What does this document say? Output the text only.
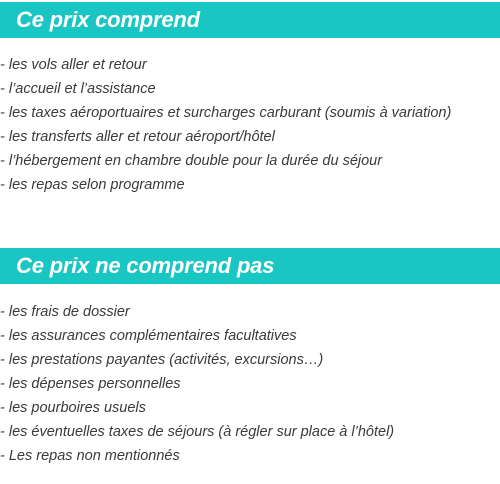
Ce prix comprend
- les vols aller et retour
- l’accueil et l’assistance
- les taxes aéroportuaires et surcharges carburant (soumis à variation)
- les transferts aller et retour aéroport/hôtel
- l’hébergement en chambre double pour la durée du séjour
- les repas selon programme
Ce prix ne comprend pas
- les frais de dossier
- les assurances complémentaires facultatives
- les prestations payantes (activités, excursions…)
- les dépenses personnelles
- les pourboires usuels
- les éventuelles taxes de séjours (à régler sur place à l’hôtel)
- Les repas non mentionnés
